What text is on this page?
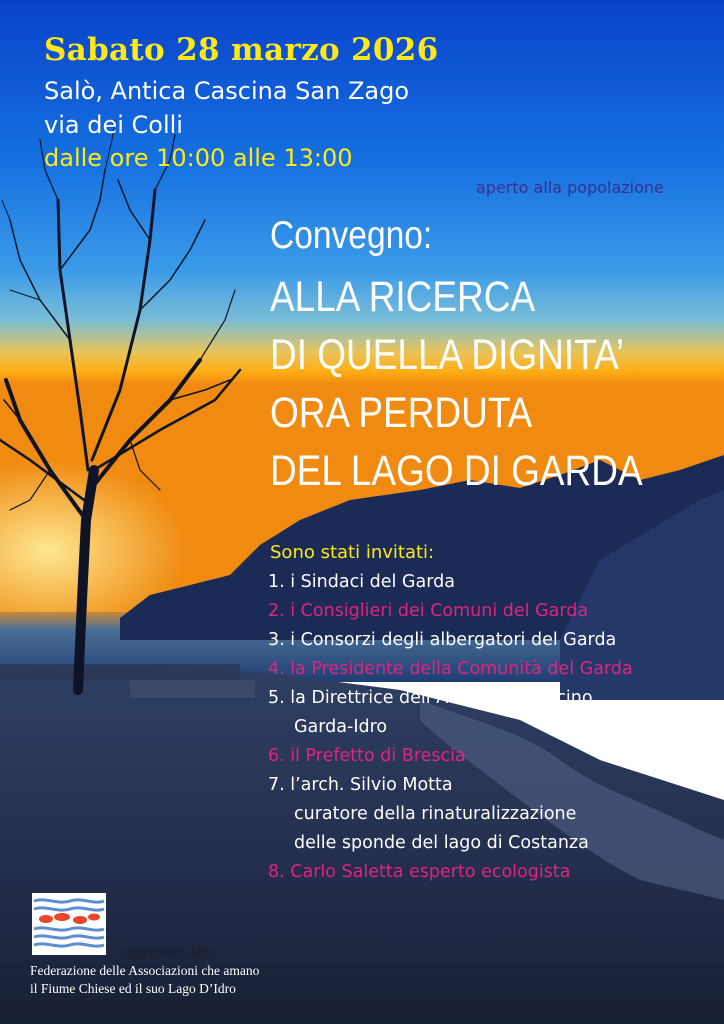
Sabato 28 marzo 2026

Salò, Antica Cascina San Zago
via dei Colli

dalle ore 10:00 alle 13:00

aperto alla popolazione

Convegno:

ALLA RICERCA
DI QUELLA DIGNITA’
ORA PERDUTA
DEL LAGO DI GARDA

Sono stati invitati:

1. i Sindaci del Garda
2. i Consiglieri dei Comuni del Garda
3. i Consorzi degli albergatori del Garda
4. la Presidente della Comunità del Garda
5. la Direttrice dell’Autorità di Bacino
Garda-Idro
6. il Prefetto di Brescia
7. l’arch. Silvio Motta
curatore della rinaturalizzazione
delle sponde del lago di Costanza
8. Carlo Saletta esperto ecologista

organizzato dalla

Federazione delle Associazioni che amano
il Fiume Chiese ed il suo Lago D’Idro
